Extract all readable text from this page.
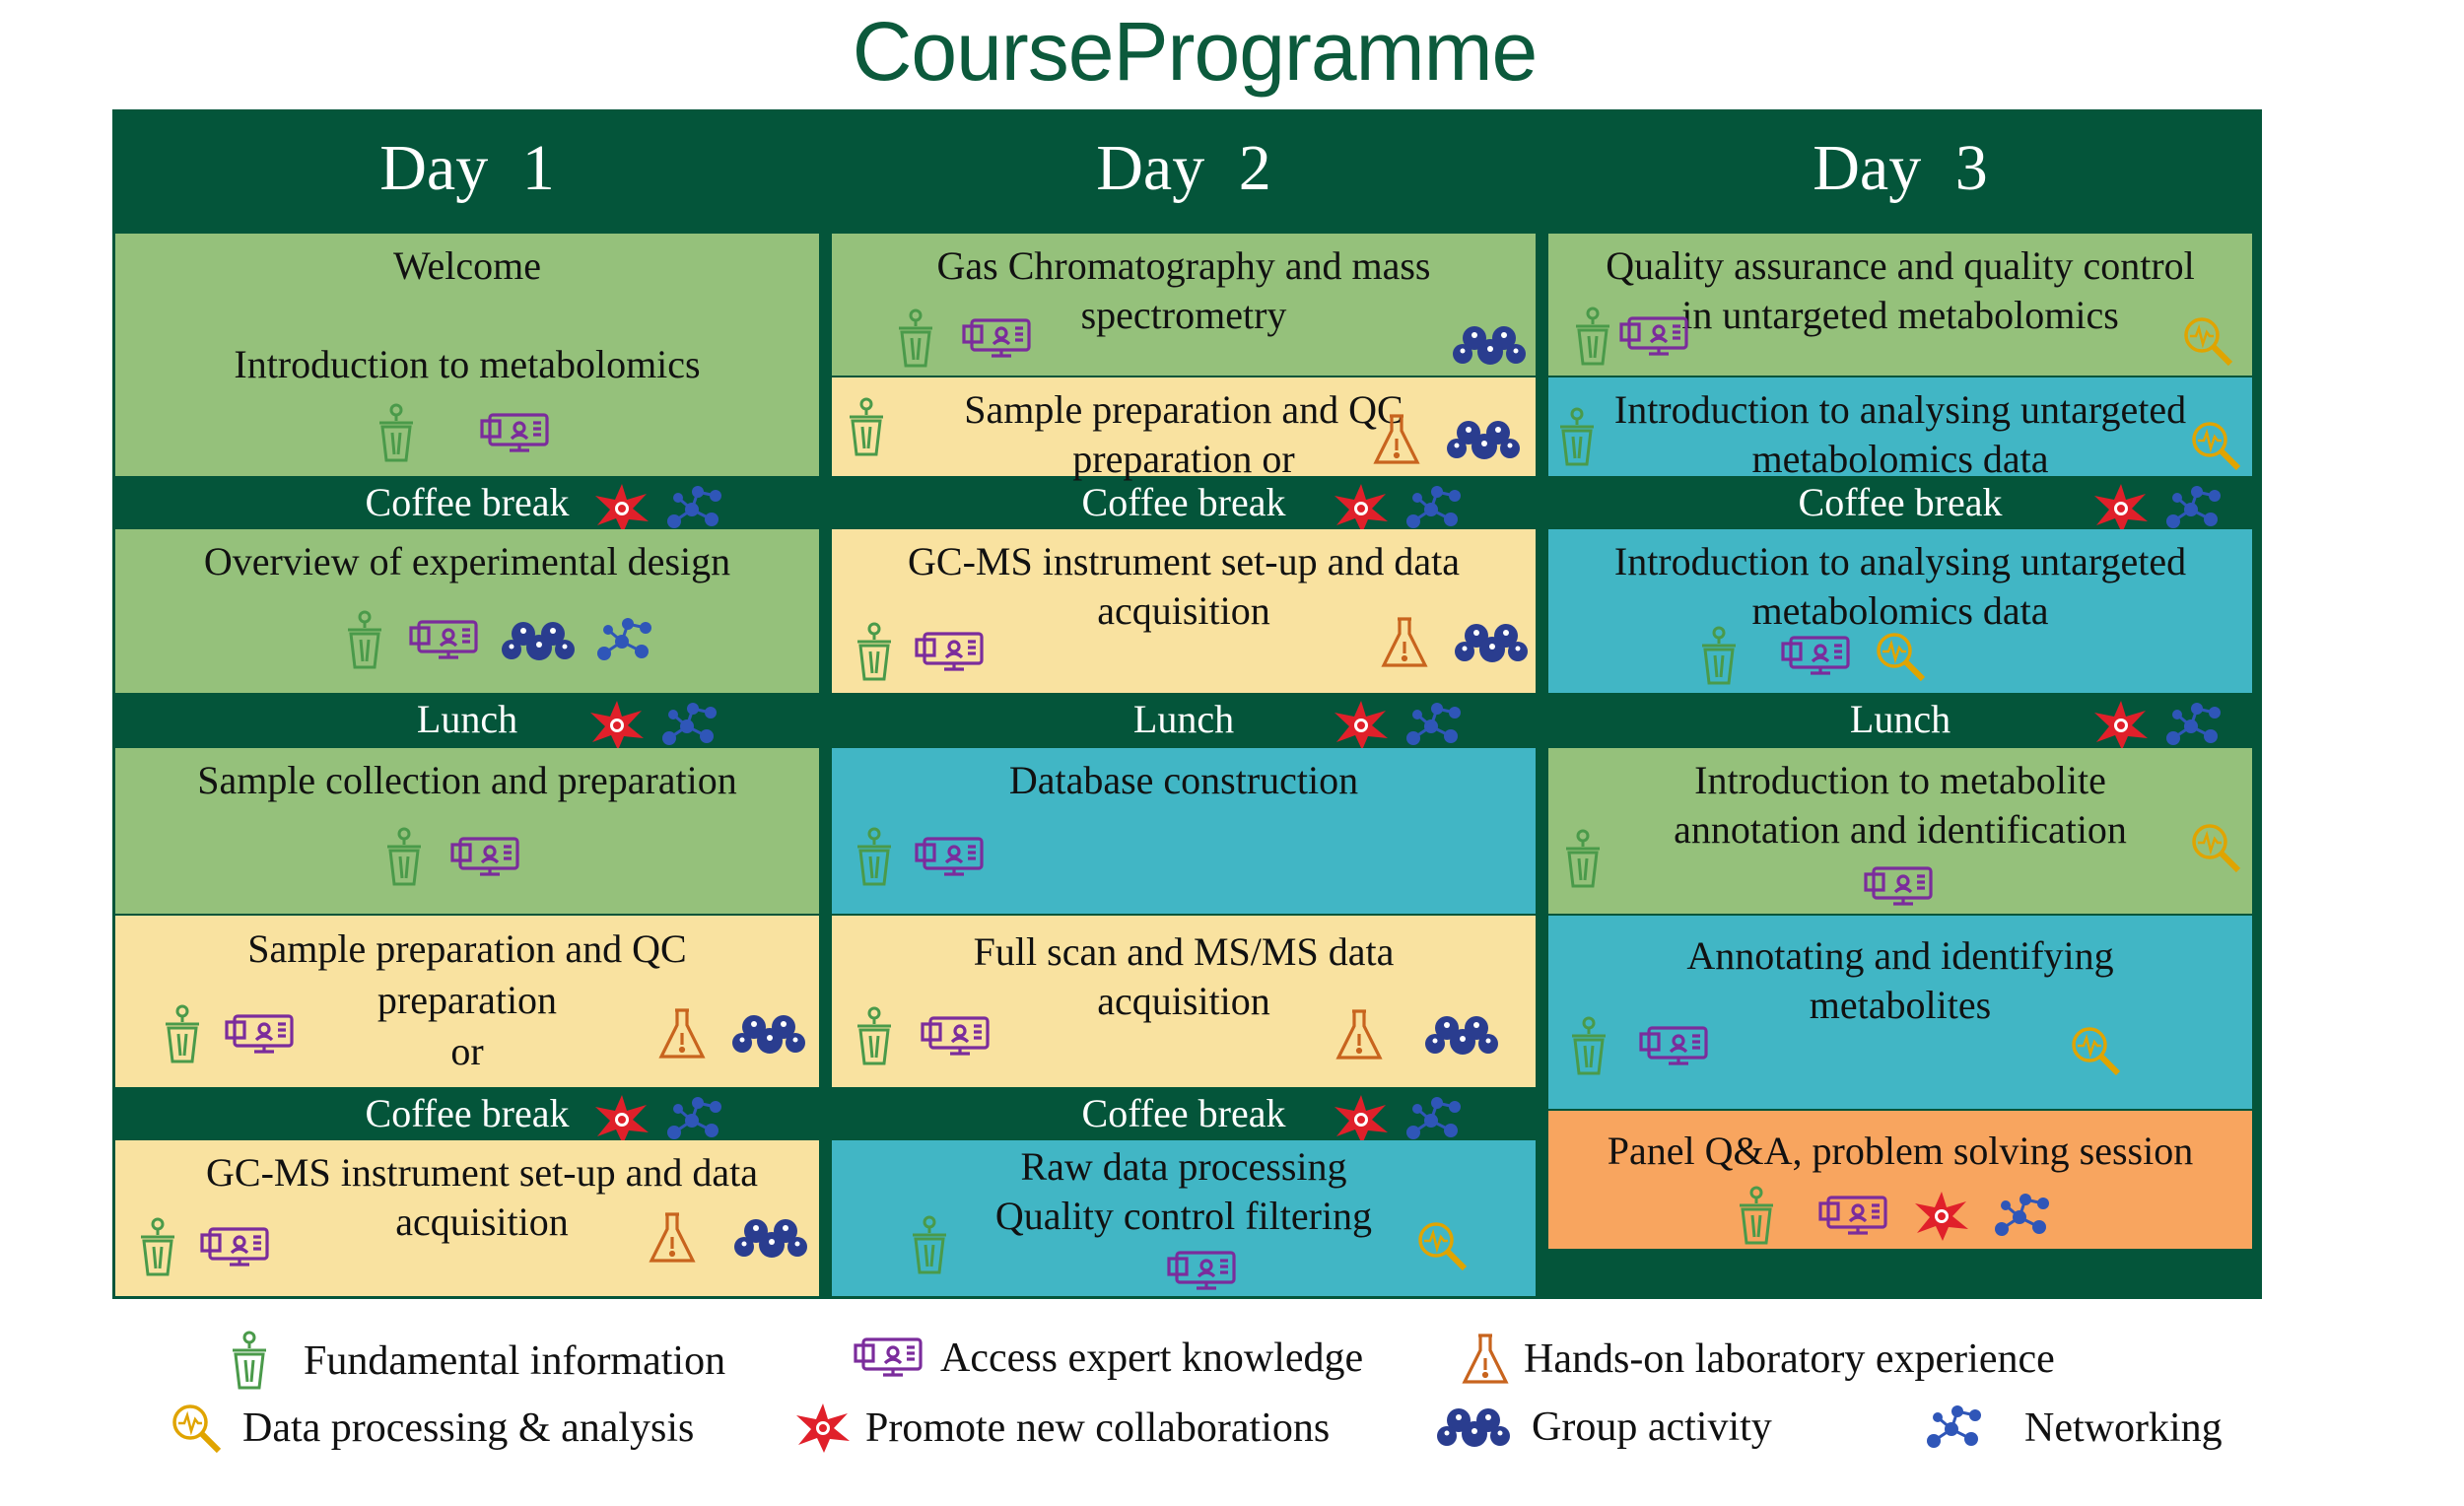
CourseProgramme
Day 1
Welcome
Introduction to metabolomics
Coffee break
Overview of experimental design
Lunch
Sample collection and preparation
Sample preparation and QC
preparation
or
Coffee break
GC-MS instrument set-up and data
acquisition
Day 2
Gas Chromatography and mass
spectrometry
Sample preparation and QC
preparation or
Coffee break
GC-MS instrument set-up and data
acquisition
Lunch
Database construction
Full scan and MS/MS data
acquisition
Coffee break
Raw data processing
Quality control filtering
Day 3
Quality assurance and quality control
in untargeted metabolomics
Introduction to analysing untargeted
metabolomics data
Coffee break
Introduction to analysing untargeted
metabolomics data
Lunch
Introduction to metabolite
annotation and identification
Annotating and identifying
metabolites
Panel Q&A, problem solving session
Fundamental information	Access expert knowledge	Hands-on laboratory experience
Data processing & analysis	Promote new collaborations	Group activity	Networking
